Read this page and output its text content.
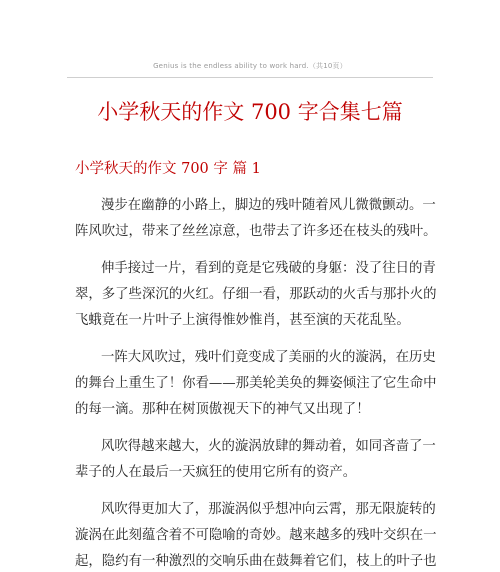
Genius is the endless ability to work hard.（共10页）
小学秋天的作文 700 字合集七篇
小学秋天的作文 700 字 篇 1
漫步在幽静的小路上，脚边的残叶随着风儿微微颤动。一
阵风吹过，带来了丝丝凉意，也带去了许多还在枝头的残叶。
伸手接过一片，看到的竟是它残破的身躯：没了往日的青
翠，多了些深沉的火红。仔细一看，那跃动的火舌与那扑火的
飞蛾竟在一片叶子上演得惟妙惟肖，甚至演的天花乱坠。
一阵大风吹过，残叶们竟变成了美丽的火的漩涡，在历史
的舞台上重生了！你看——那美轮美奂的舞姿倾注了它生命中
的每一滴。那种在树顶傲视天下的神气又出现了！
风吹得越来越大，火的漩涡放肆的舞动着，如同吝啬了一
辈子的人在最后一天疯狂的使用它所有的资产。
风吹得更加大了，那漩涡似乎想冲向云霄，那无限旋转的
漩涡在此刻蕴含着不可隐喻的奇妙。越来越多的残叶交织在一
起，隐约有一种激烈的交响乐曲在鼓舞着它们，枝上的叶子也
